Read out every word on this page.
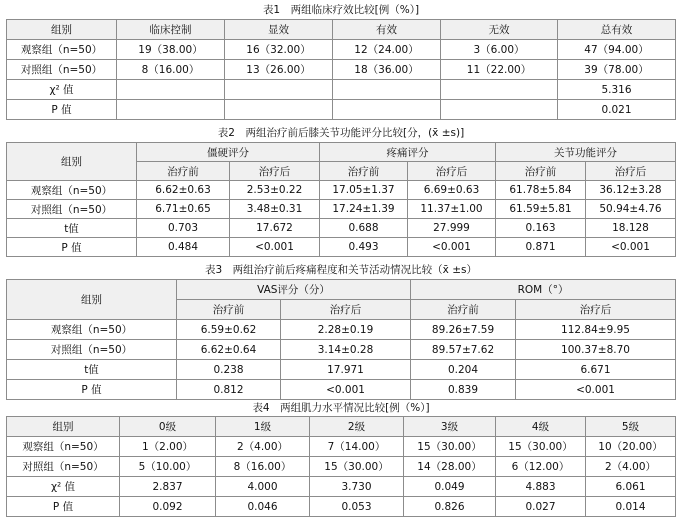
表1　两组临床疗效比较[例（%）]
组别	临床控制	显效	有效	无效	总有效
观察组（n=50）	19（38.00）	16（32.00）	12（24.00）	3（6.00）	47（94.00）
对照组（n=50）	8（16.00）	13（26.00）	18（36.00）	11（22.00）	39（78.00）
χ² 值					5.316
P 值					0.021
表2　两组治疗前后膝关节功能评分比较[分，(x̄ ±s)]
组别	僵硬评分		疼痛评分		关节功能评分	
	治疗前	治疗后	治疗前	治疗后	治疗前	治疗后
观察组（n=50）	6.62±0.63	2.53±0.22	17.05±1.37	6.69±0.63	61.78±5.84	36.12±3.28
对照组（n=50）	6.71±0.65	3.48±0.31	17.24±1.39	11.37±1.00	61.59±5.81	50.94±4.76
t值	0.703	17.672	0.688	27.999	0.163	18.128
P 值	0.484	<0.001	0.493	<0.001	0.871	<0.001
表3　两组治疗前后疼痛程度和关节活动情况比较（x̄ ±s）
组别	VAS评分（分）		ROM（°）	
	治疗前	治疗后	治疗前	治疗后
观察组（n=50）	6.59±0.62	2.28±0.19	89.26±7.59	112.84±9.95
对照组（n=50）	6.62±0.64	3.14±0.28	89.57±7.62	100.37±8.70
t值	0.238	17.971	0.204	6.671
P 值	0.812	<0.001	0.839	<0.001
表4　两组肌力水平情况比较[例（%）]
组别	0级	1级	2级	3级	4级	5级
观察组（n=50）	1（2.00）	2（4.00）	7（14.00）	15（30.00）	15（30.00）	10（20.00）
对照组（n=50）	5（10.00）	8（16.00）	15（30.00）	14（28.00）	6（12.00）	2（4.00）
χ² 值	2.837	4.000	3.730	0.049	4.883	6.061
P 值	0.092	0.046	0.053	0.826	0.027	0.014
